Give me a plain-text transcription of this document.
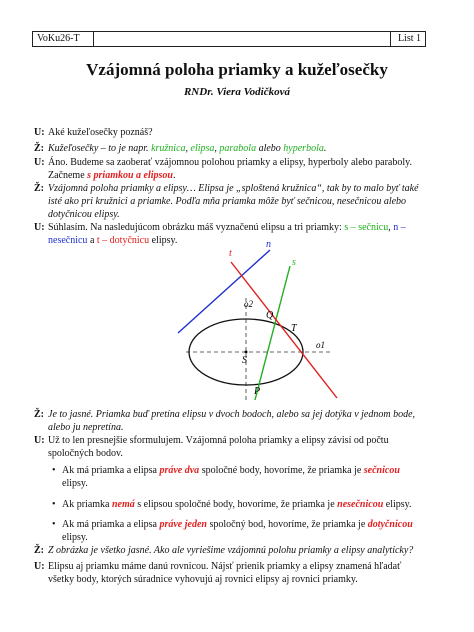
VoKu26-T	List 1
Vzájomná poloha priamky a kužeľosečky
RNDr. Viera Vodičková
U: Aké kužeľosečky poznáš?
Ž: Kužeľosečky – to je napr. kružnica, elipsa, parabola alebo hyperbola.
U: Áno. Budeme sa zaoberať vzájomnou polohou priamky a elipsy, hyperboly alebo paraboly. Začneme s priamkou a elipsou.
Ž: Vzájomná poloha priamky a elipsy… Elipsa je „sploštená kružnica“, tak by to malo byť také isté ako pri kružnici a priamke. Podľa mňa priamka môže byť sečnicou, nesečnicou alebo dotyčnicou elipsy.
U: Súhlasím. Na nasledujúcom obrázku máš vyznačenú elipsu a tri priamky: s – sečnicu, n – nesečnicu a t – dotyčnicu elipsy.
t
n
s
o2
o1
Q
T
S
P
Ž: Je to jasné. Priamka buď pretína elipsu v dvoch bodoch, alebo sa jej dotýka v jednom bode, alebo ju nepretína.
U: Už to len presnejšie sformulujem. Vzájomná poloha priamky a elipsy závisí od počtu spoločných bodov.
• Ak má priamka a elipsa práve dva spoločné body, hovoríme, že priamka je sečnicou elipsy.
• Ak priamka nemá s elipsou spoločné body, hovoríme, že priamka je nesečnicou elipsy.
• Ak má priamka a elipsa práve jeden spoločný bod, hovoríme, že priamka je dotyčnicou elipsy.
Ž: Z obrázka je všetko jasné. Ako ale vyriešime vzájomnú polohu priamky a elipsy analyticky?
U: Elipsu aj priamku máme danú rovnicou. Nájsť prienik priamky a elipsy znamená hľadať všetky body, ktorých súradnice vyhovujú aj rovnici elipsy aj rovnici priamky.
